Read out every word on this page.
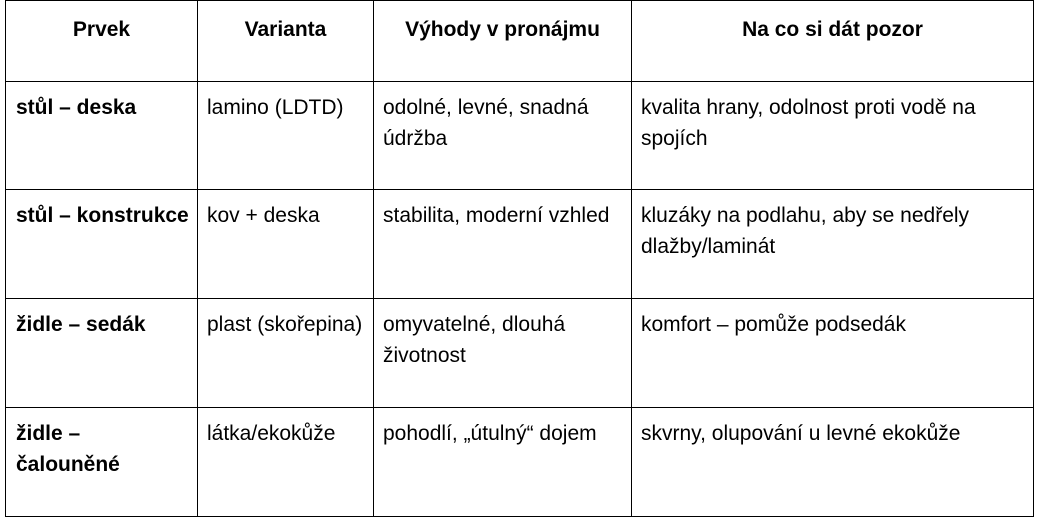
Prvek	Varianta	Výhody v pronájmu	Na co si dát pozor
stůl – deska	lamino (LDTD)	odolné, levné, snadná údržba	kvalita hrany, odolnost proti vodě na spojích
stůl – konstrukce	kov + deska	stabilita, moderní vzhled	kluzáky na podlahu, aby se nedřely dlažby/laminát
židle – sedák	plast (skořepina)	omyvatelné, dlouhá životnost	komfort – pomůže podsedák
židle – čalouněné	látka/ekokůže	pohodlí, „útulný“ dojem	skvrny, olupování u levné ekokůže
